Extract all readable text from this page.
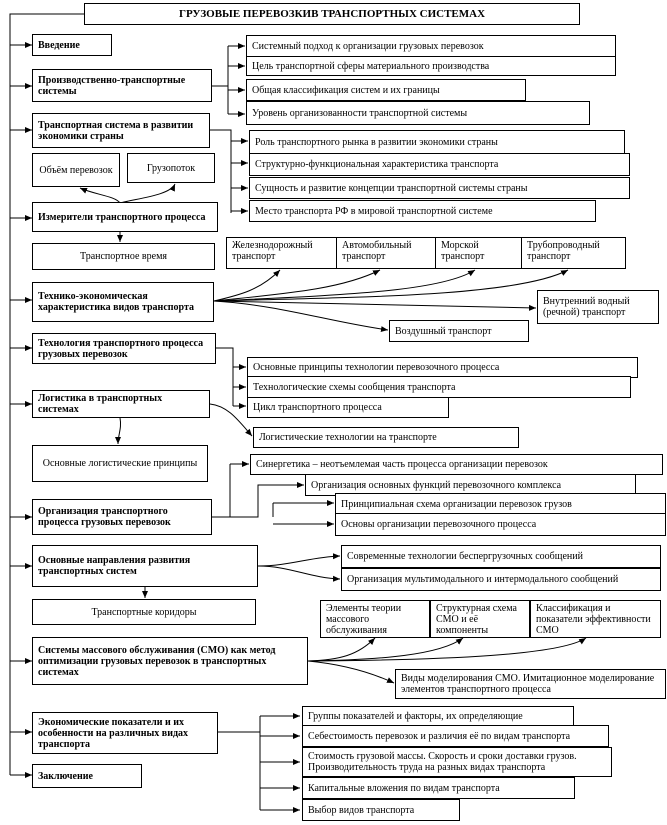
ГРУЗОВЫЕ ПЕРЕВОЗКИВ ТРАНСПОРТНЫХ СИСТЕМАХ
Введение
Производственно-транспортные системы
Транспортная система в развитии экономики страны
Объём перевозок	Грузопоток
Измерители транспортного процесса
Транспортное время
Технико-экономическая характеристика видов транспорта
Технология транспортного процесса грузовых перевозок
Логистика в транспортных системах
Основные логистические принципы
Организация транспортного процесса грузовых перевозок
Основные направления развития транспортных систем
Транспортные коридоры
Системы массового обслуживания (СМО) как метод оптимизации грузовых перевозок в транспортных системах
Экономические показатели и их особенности на различных видах транспорта
Заключение
Системный подход к организации грузовых перевозок
Цель транспортной сферы материального производства
Общая классификация систем и их границы
Уровень организованности транспортной системы
Роль транспортного рынка в развитии экономики страны
Структурно-функциональная характеристика транспорта
Сущность и развитие концепции транспортной системы страны
Место транспорта РФ в мировой транспортной системе
Железнодорожный транспорт
Автомобильный транспорт
Морской транспорт
Трубопроводный транспорт
Внутренний водный (речной) транспорт
Воздушный транспорт
Основные принципы технологии перевозочного процесса
Технологические схемы сообщения транспорта
Цикл транспортного процесса
Логистические технологии на транспорте
Синергетика – неотъемлемая часть процесса организации перевозок
Организация основных функций перевозочного комплекса
Принципиальная схема организации перевозок грузов
Основы организации перевозочного процесса
Современные технологии беспергрузочных сообщений
Организация мультимодального и интермодального сообщений
Элементы теории массового обслуживания
Структурная схема СМО и её компоненты
Классификация и показатели эффективности СМО
Виды моделирования СМО. Имитационное моделирование элементов транспортного процесса
Группы показателей и факторы, их определяющие
Себестоимость перевозок и различия её по видам транспорта
Стоимость грузовой массы. Скорость и сроки доставки грузов. Производительность труда на разных видах транспорта
Капитальные вложения по видам транспорта
Выбор видов транспорта
